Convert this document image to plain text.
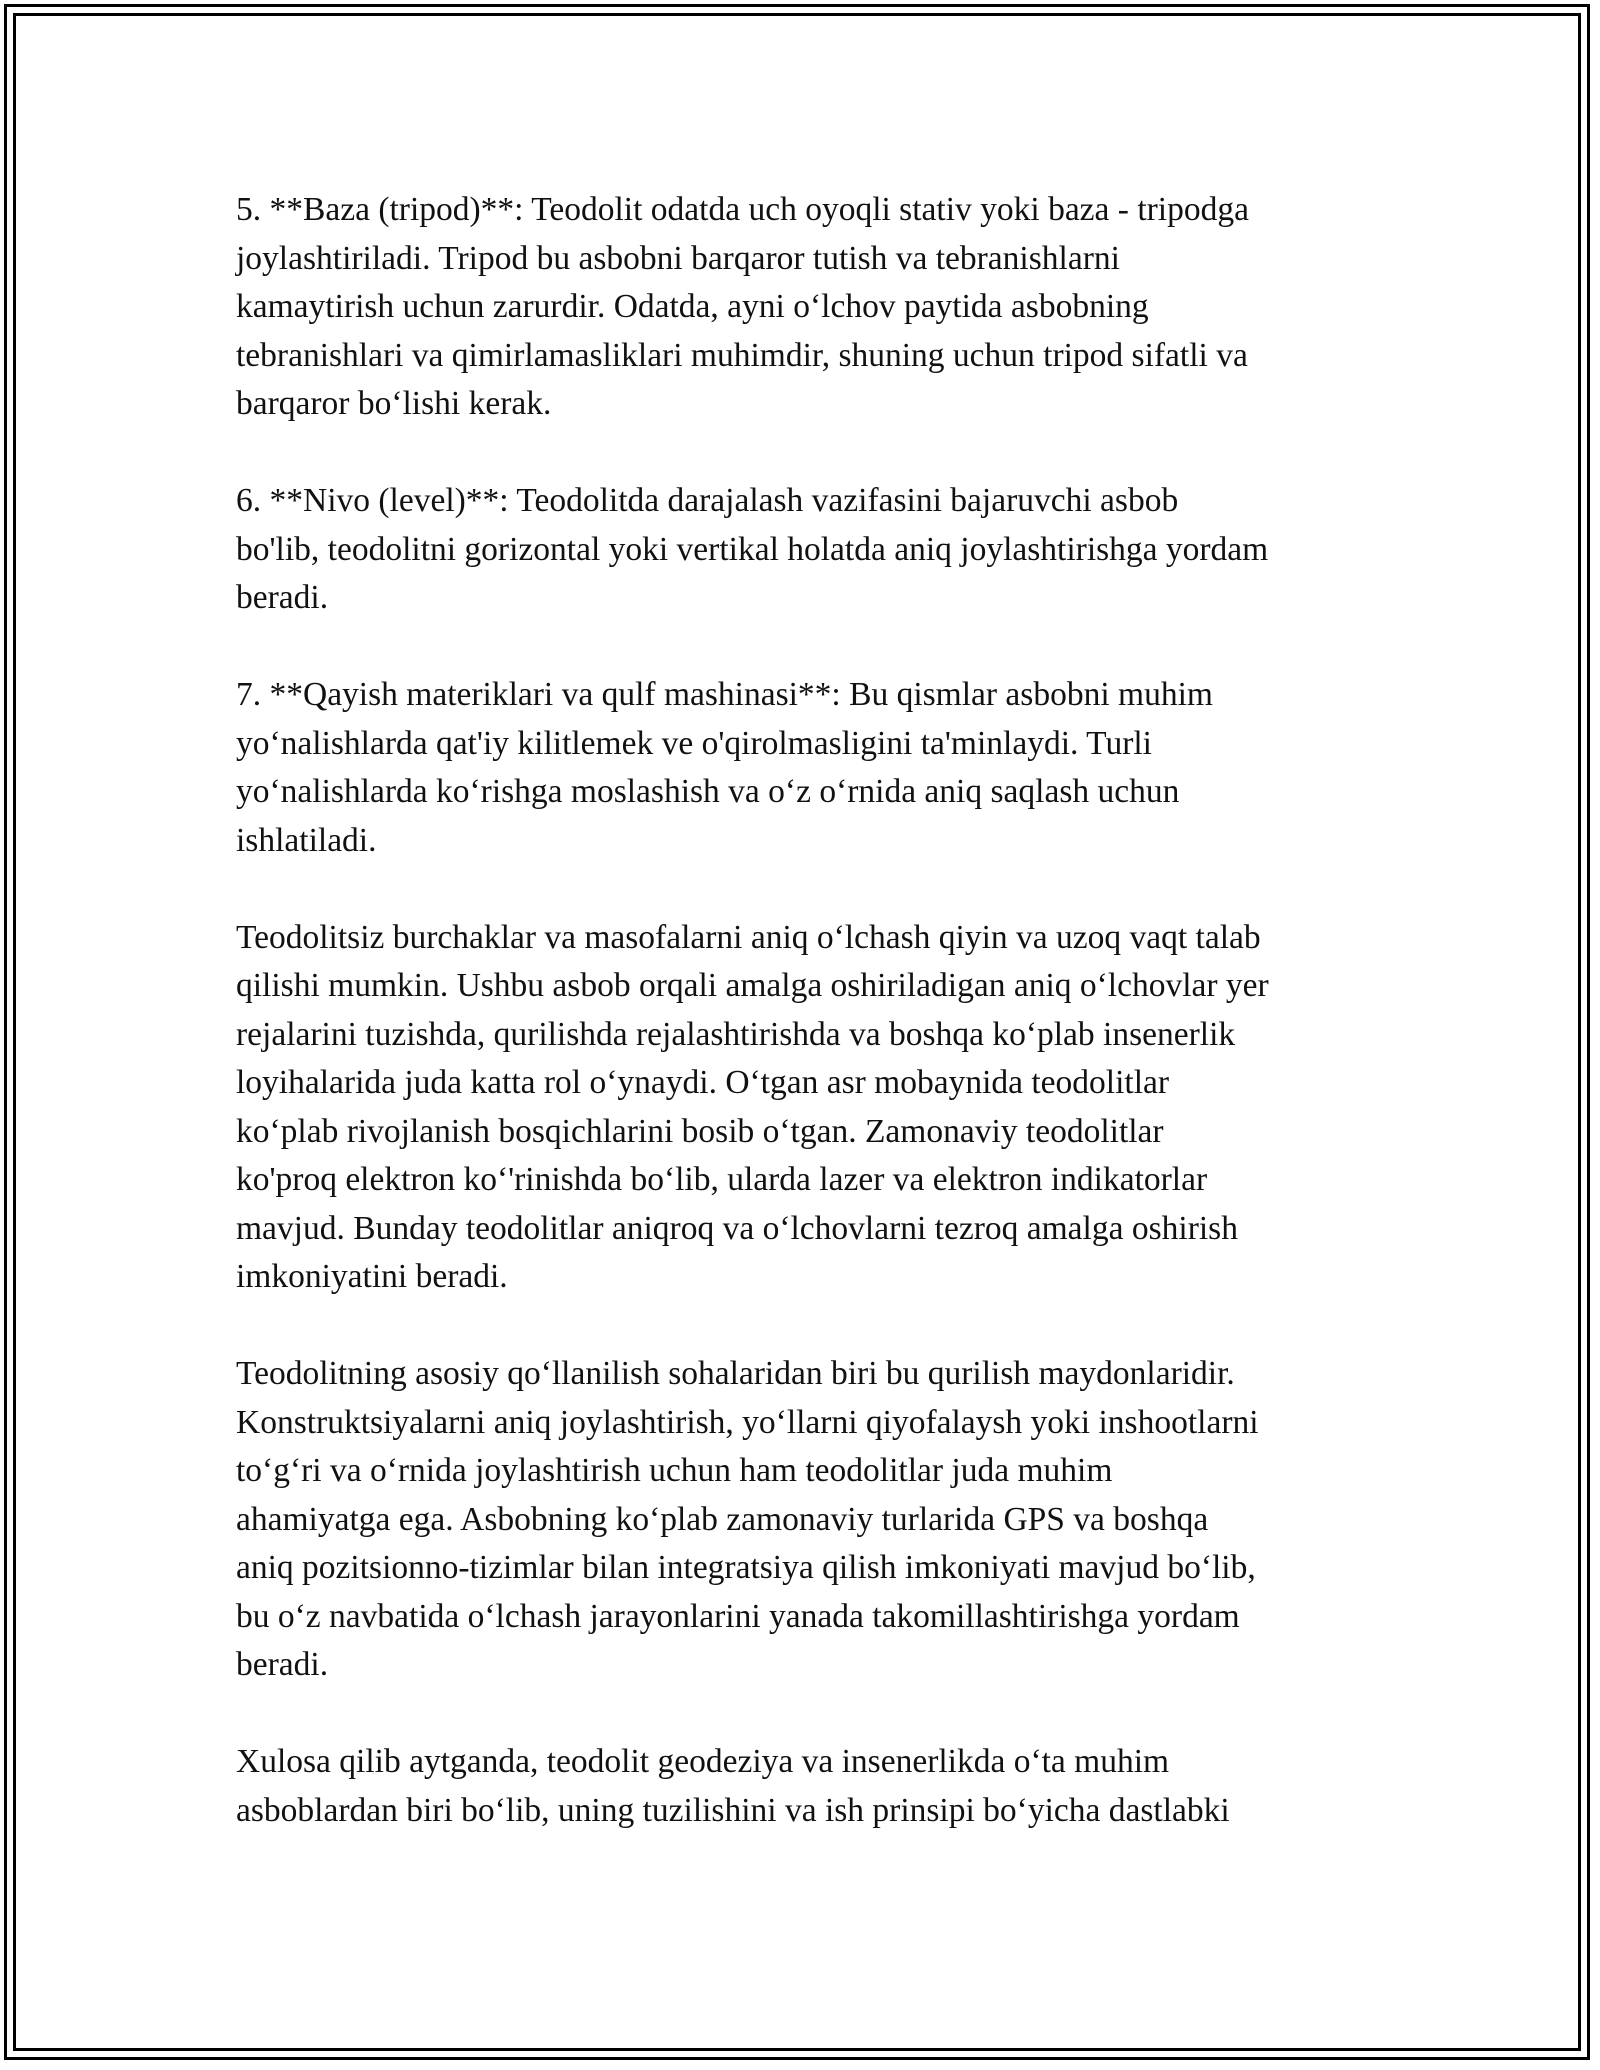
5. **Baza (tripod)**: Teodolit odatda uch oyoqli stativ yoki baza - tripodga
joylashtiriladi. Tripod bu asbobni barqaror tutish va tebranishlarni
kamaytirish uchun zarurdir. Odatda, ayni oʻlchov paytida asbobning
tebranishlari va qimirlamasliklari muhimdir, shuning uchun tripod sifatli va
barqaror boʻlishi kerak.

6. **Nivo (level)**: Teodolitda darajalash vazifasini bajaruvchi asbob
bo'lib, teodolitni gorizontal yoki vertikal holatda aniq joylashtirishga yordam
beradi.

7. **Qayish materiklari va qulf mashinasi**: Bu qismlar asbobni muhim
yoʻnalishlarda qat'iy kilitlemek ve o'qirolmasligini ta'minlaydi. Turli
yoʻnalishlarda koʻrishga moslashish va oʻz oʻrnida aniq saqlash uchun
ishlatiladi.

Teodolitsiz burchaklar va masofalarni aniq oʻlchash qiyin va uzoq vaqt talab
qilishi mumkin. Ushbu asbob orqali amalga oshiriladigan aniq oʻlchovlar yer
rejalarini tuzishda, qurilishda rejalashtirishda va boshqa koʻplab insenerlik
loyihalarida juda katta rol oʻynaydi. Oʻtgan asr mobaynida teodolitlar
koʻplab rivojlanish bosqichlarini bosib oʻtgan. Zamonaviy teodolitlar
ko'proq elektron koʻ'rinishda boʻlib, ularda lazer va elektron indikatorlar
mavjud. Bunday teodolitlar aniqroq va oʻlchovlarni tezroq amalga oshirish
imkoniyatini beradi.

Teodolitning asosiy qoʻllanilish sohalaridan biri bu qurilish maydonlaridir.
Konstruktsiyalarni aniq joylashtirish, yoʻllarni qiyofalaysh yoki inshootlarni
toʻgʻri va oʻrnida joylashtirish uchun ham teodolitlar juda muhim
ahamiyatga ega. Asbobning koʻplab zamonaviy turlarida GPS va boshqa
aniq pozitsionno-tizimlar bilan integratsiya qilish imkoniyati mavjud boʻlib,
bu oʻz navbatida oʻlchash jarayonlarini yanada takomillashtirishga yordam
beradi.

Xulosa qilib aytganda, teodolit geodeziya va insenerlikda oʻta muhim
asboblardan biri boʻlib, uning tuzilishini va ish prinsipi boʻyicha dastlabki
